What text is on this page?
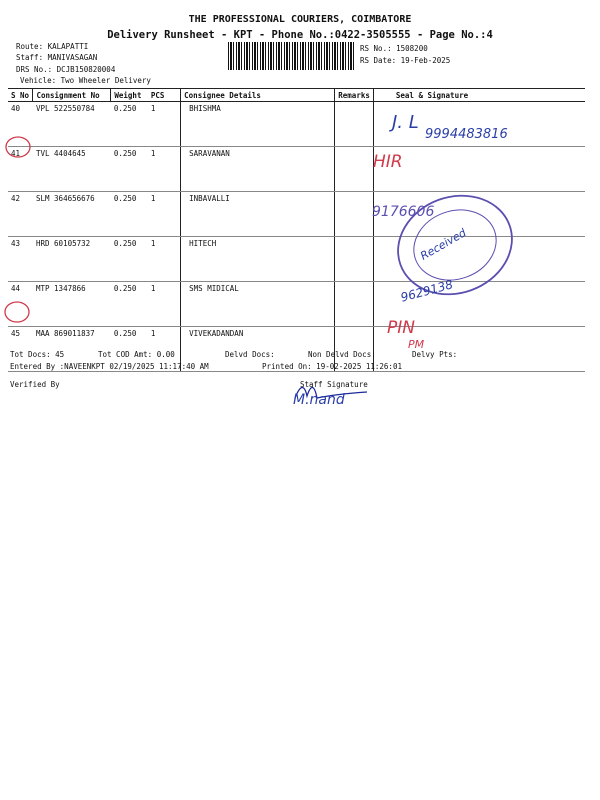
THE PROFESSIONAL COURIERS, COIMBATORE
Delivery Runsheet - KPT - Phone No.:0422-3505555 - Page No.:4
Route: KALAPATTI
Staff: MANIVASAGAN
DRS No.: DCJB150820004
Vehicle: Two Wheeler Delivery
RS No.: 1508200
RS Date: 19-Feb-2025
S No	Consignment No	Weight	PCS	Consignee Details	Remarks	Seal & Signature
40	VPL 522550784	0.250	1	BHISHMA		
41	TVL 4404645	0.250	1	SARAVANAN		
42	SLM 364656676	0.250	1	INBAVALLI		
43	HRD 60105732	0.250	1	HITECH		
44	MTP 1347866	0.250	1	SMS MIDICAL		
45	MAA 869011837	0.250	1	VIVEKADANDAN		
J. L
9994483816
HIR
9176606
Received
9629138
PIN
PM
Tot Docs: 45	Tot COD Amt: 0.00	Delvd Docs:	Non Delvd Docs:	Delvy Pts:
Entered By :NAVEENKPT 02/19/2025 11:17:40 AM	Printed On: 19-02-2025 11:26:01
Verified By	Staff Signature
M.nand
